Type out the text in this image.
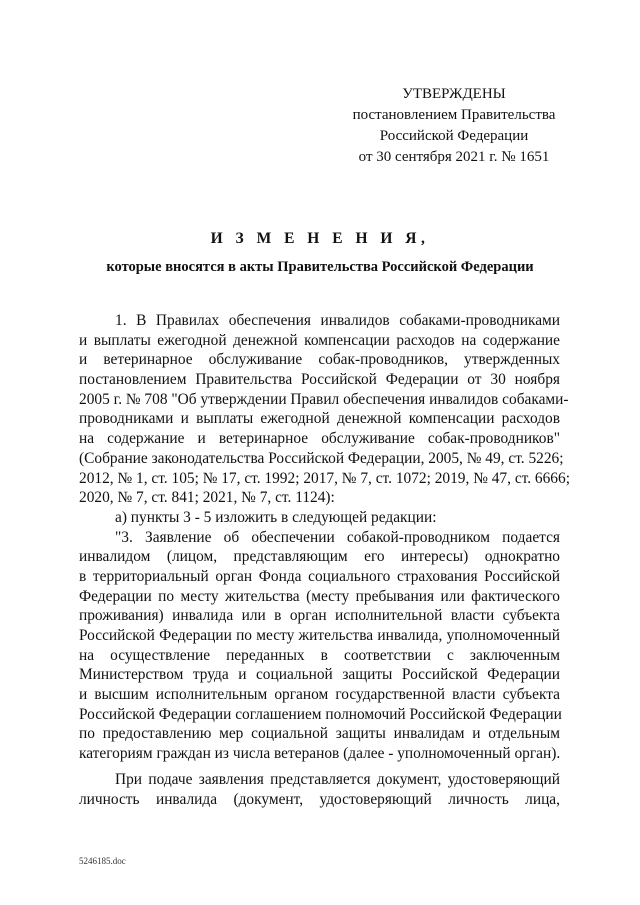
УТВЕРЖДЕНЫ
постановлением Правительства
Российской Федерации
от 30 сентября 2021 г. № 1651
И З М Е Н Е Н И Я,
которые вносятся в акты Правительства Российской Федерации
1. В Правилах обеспечения инвалидов собаками-проводниками
и выплаты ежегодной денежной компенсации расходов на содержание
и ветеринарное обслуживание собак-проводников, утвержденных
постановлением Правительства Российской Федерации от 30 ноября
2005 г. № 708 "Об утверждении Правил обеспечения инвалидов собаками-
проводниками и выплаты ежегодной денежной компенсации расходов
на содержание и ветеринарное обслуживание собак-проводников"
(Собрание законодательства Российской Федерации, 2005, № 49, ст. 5226;
2012, № 1, ст. 105; № 17, ст. 1992; 2017, № 7, ст. 1072; 2019, № 47, ст. 6666;
2020, № 7, ст. 841; 2021, № 7, ст. 1124):
а) пункты 3 - 5 изложить в следующей редакции:
"3. Заявление об обеспечении собакой-проводником подается
инвалидом (лицом, представляющим его интересы) однократно
в территориальный орган Фонда социального страхования Российской
Федерации по месту жительства (месту пребывания или фактического
проживания) инвалида или в орган исполнительной власти субъекта
Российской Федерации по месту жительства инвалида, уполномоченный
на осуществление переданных в соответствии с заключенным
Министерством труда и социальной защиты Российской Федерации
и высшим исполнительным органом государственной власти субъекта
Российской Федерации соглашением полномочий Российской Федерации
по предоставлению мер социальной защиты инвалидам и отдельным
категориям граждан из числа ветеранов (далее - уполномоченный орган).
При подаче заявления представляется документ, удостоверяющий
личность инвалида (документ, удостоверяющий личность лица,
5246185.doc
